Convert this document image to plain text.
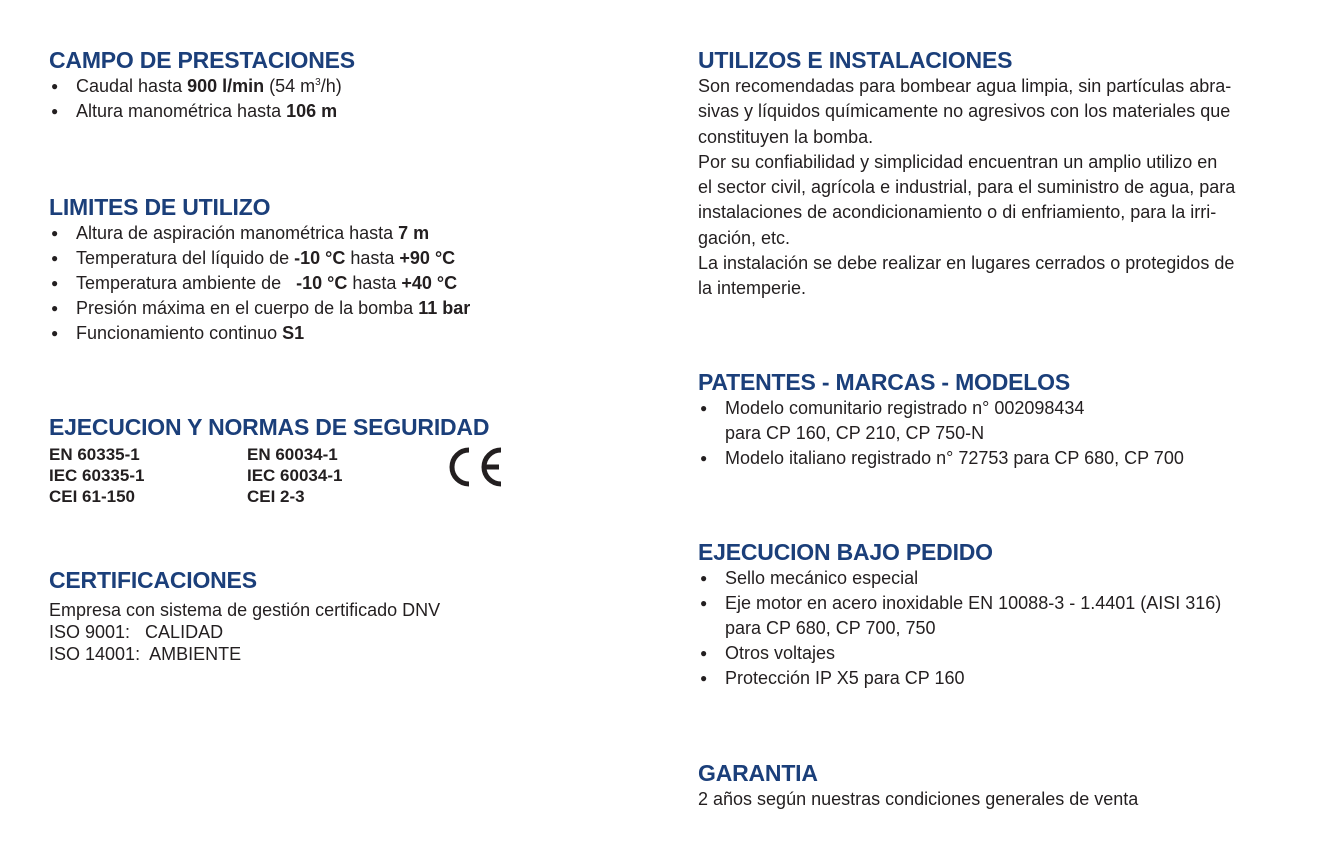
CAMPO DE PRESTACIONES
● Caudal hasta 900 l/min (54 $m^3/h$)
● Altura manométrica hasta 106 m
LIMITES DE UTILIZO
● Altura de aspiración manométrica hasta 7 m
● Temperatura del líquido de -10 °C hasta +90 °C
● Temperatura ambiente de   -10 °C hasta +40 °C
● Presión máxima en el cuerpo de la bomba 11 bar
● Funcionamiento continuo S1
EJECUCION Y NORMAS DE SEGURIDAD
EN 60335-1
IEC 60335-1
CEI 61-150
EN 60034-1
IEC 60034-1
CEI 2-3
CERTIFICACIONES
Empresa con sistema de gestión certificado DNV
ISO 9001:   CALIDAD
ISO 14001:  AMBIENTE
UTILIZOS E INSTALACIONES
Son recomendadas para bombear agua limpia, sin partículas abra-
sivas y líquidos químicamente no agresivos con los materiales que
constituyen la bomba.
Por su confiabilidad y simplicidad encuentran un amplio utilizo en
el sector civil, agrícola e industrial, para el suministro de agua, para
instalaciones de acondicionamiento o di enfriamiento, para la irri-
gación, etc.
La instalación se debe realizar en lugares cerrados o protegidos de
la intemperie.
PATENTES - MARCAS - MODELOS
● Modelo comunitario registrado n° 002098434
para CP 160, CP 210, CP 750-N
● Modelo italiano registrado n° 72753 para CP 680, CP 700
EJECUCION BAJO PEDIDO
● Sello mecánico especial
● Eje motor en acero inoxidable EN 10088-3 - 1.4401 (AISI 316)
para CP 680, CP 700, 750
● Otros voltajes
● Protección IP X5 para CP 160
GARANTIA
2 años según nuestras condiciones generales de venta
